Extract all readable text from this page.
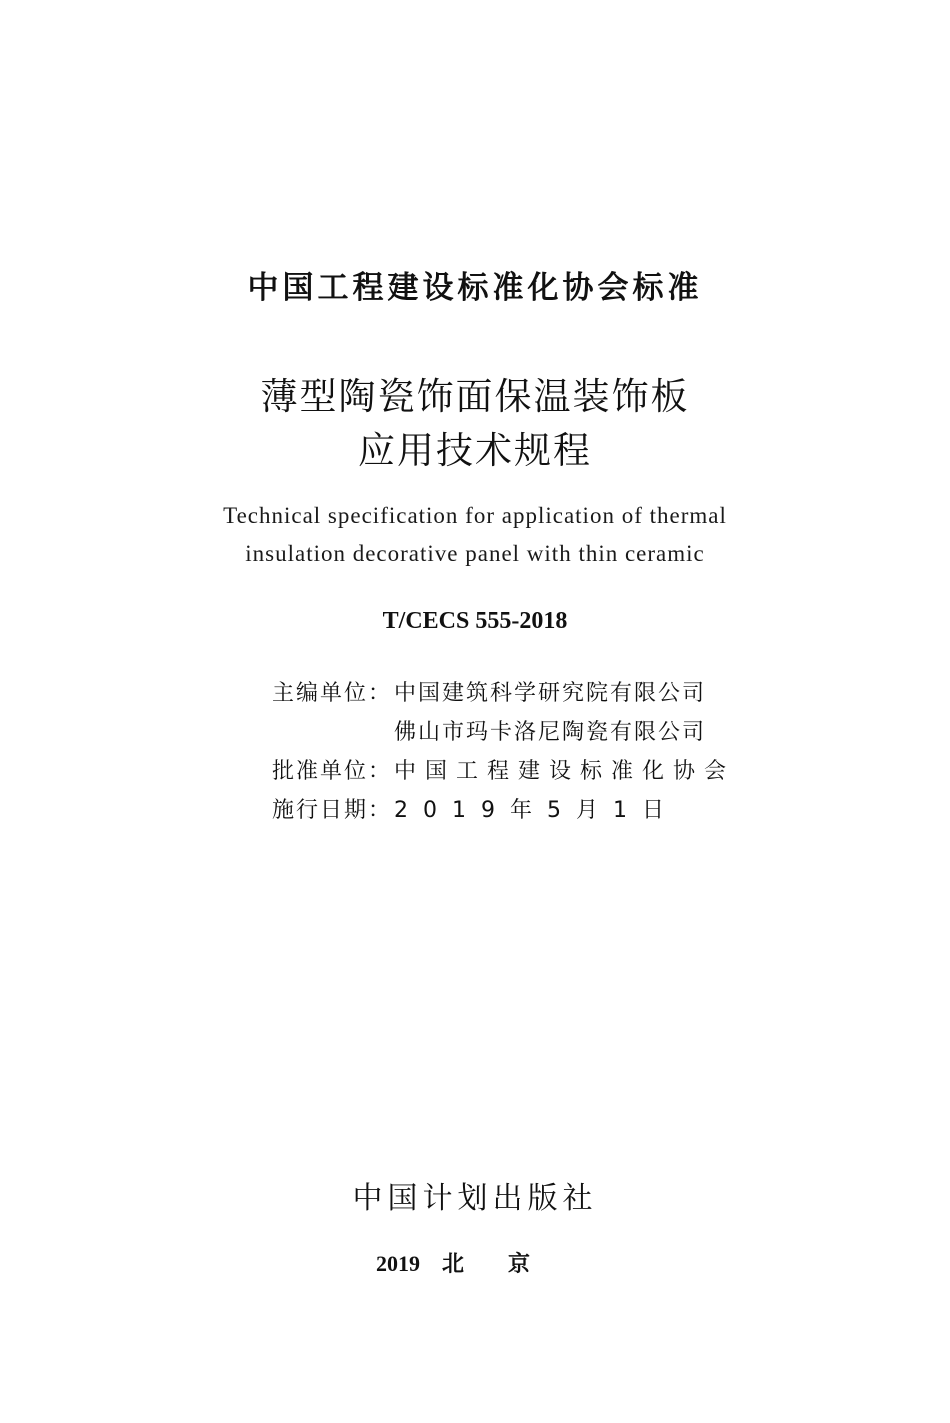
中国工程建设标准化协会标准
薄型陶瓷饰面保温装饰板
应用技术规程
Technical specification for application of thermal
insulation decorative panel with thin ceramic
T/CECS 555-2018
主编单位：中国建筑科学研究院有限公司
佛山市玛卡洛尼陶瓷有限公司
批准单位：中国工程建设标准化协会
施行日期：2019年5月1日
中国计划出版社
2019 北京
